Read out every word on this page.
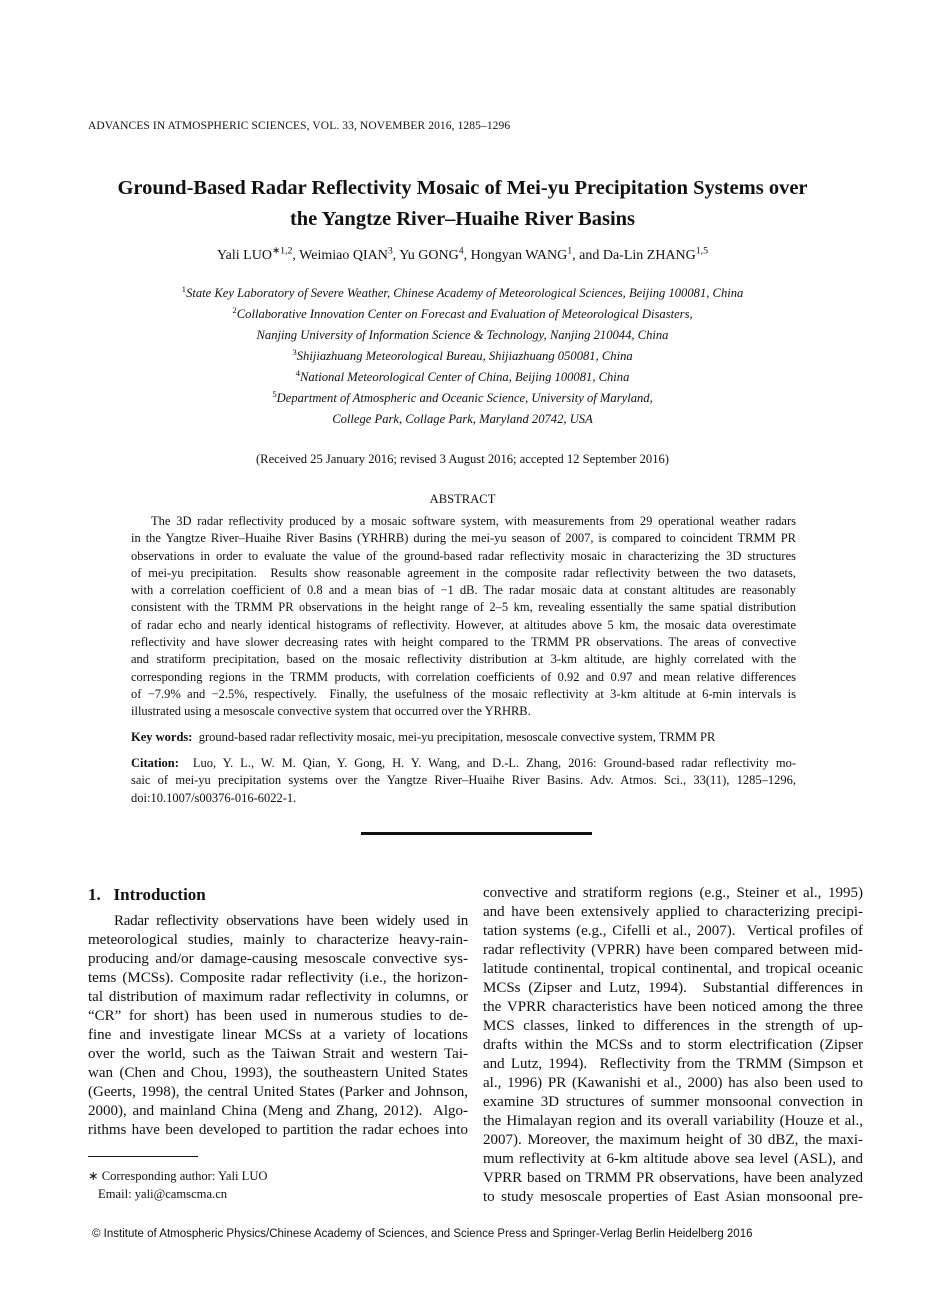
ADVANCES IN ATMOSPHERIC SCIENCES, VOL. 33, NOVEMBER 2016, 1285–1296
Ground-Based Radar Reflectivity Mosaic of Mei-yu Precipitation Systems over
the Yangtze River–Huaihe River Basins
Yali $LUO^{∗1,2}$, Weimiao QIAN$^3$, Yu GONG$^4$, Hongyan WANG$^1$, and Da-Lin ZHANG$^{1,5}$
$^1$State Key Laboratory of Severe Weather, Chinese Academy of Meteorological Sciences, Beijing 100081, China
$^2$Collaborative Innovation Center on Forecast and Evaluation of Meteorological Disasters,
Nanjing University of Information Science & Technology, Nanjing 210044, China
$^3$Shijiazhuang Meteorological Bureau, Shijiazhuang 050081, China
$^4$National Meteorological Center of China, Beijing 100081, China
$^5$Department of Atmospheric and Oceanic Science, University of Maryland,
College Park, Collage Park, Maryland 20742, USA
(Received 25 January 2016; revised 3 August 2016; accepted 12 September 2016)
ABSTRACT
The 3D radar reflectivity produced by a mosaic software system, with measurements from 29 operational weather radars
in the Yangtze River–Huaihe River Basins (YRHRB) during the mei-yu season of 2007, is compared to coincident TRMM PR
observations in order to evaluate the value of the ground-based radar reflectivity mosaic in characterizing the 3D structures
of mei-yu precipitation.  Results show reasonable agreement in the composite radar reflectivity between the two datasets,
with a correlation coefficient of 0.8 and a mean bias of −1 dB. The radar mosaic data at constant altitudes are reasonably
consistent with the TRMM PR observations in the height range of 2–5 km, revealing essentially the same spatial distribution
of radar echo and nearly identical histograms of reflectivity. However, at altitudes above 5 km, the mosaic data overestimate
reflectivity and have slower decreasing rates with height compared to the TRMM PR observations. The areas of convective
and stratiform precipitation, based on the mosaic reflectivity distribution at 3-km altitude, are highly correlated with the
corresponding regions in the TRMM products, with correlation coefficients of 0.92 and 0.97 and mean relative differences
of −7.9% and −2.5%, respectively.  Finally, the usefulness of the mosaic reflectivity at 3-km altitude at 6-min intervals is
illustrated using a mesoscale convective system that occurred over the YRHRB.
Key words: ground-based radar reflectivity mosaic, mei-yu precipitation, mesoscale convective system, TRMM PR
Citation: Luo, Y. L., W. M. Qian, Y. Gong, H. Y. Wang, and D.-L. Zhang, 2016: Ground-based radar reflectivity mo-
saic of mei-yu precipitation systems over the Yangtze River–Huaihe River Basins. Adv. Atmos. Sci., 33(11), 1285–1296,
doi:10.1007/s00376-016-6022-1.
1.   Introduction
Radar reflectivity observations have been widely used in
meteorological studies, mainly to characterize heavy-rain-
producing and/or damage-causing mesoscale convective sys-
tems (MCSs). Composite radar reflectivity (i.e., the horizon-
tal distribution of maximum radar reflectivity in columns, or
“CR” for short) has been used in numerous studies to de-
fine and investigate linear MCSs at a variety of locations
over the world, such as the Taiwan Strait and western Tai-
wan (Chen and Chou, 1993), the southeastern United States
(Geerts, 1998), the central United States (Parker and Johnson,
2000), and mainland China (Meng and Zhang, 2012).  Algo-
rithms have been developed to partition the radar echoes into
convective and stratiform regions (e.g., Steiner et al., 1995)
and have been extensively applied to characterizing precipi-
tation systems (e.g., Cifelli et al., 2007).  Vertical profiles of
radar reflectivity (VPRR) have been compared between mid-
latitude continental, tropical continental, and tropical oceanic
MCSs (Zipser and Lutz, 1994).  Substantial differences in
the VPRR characteristics have been noticed among the three
MCS classes, linked to differences in the strength of up-
drafts within the MCSs and to storm electrification (Zipser
and Lutz, 1994).  Reflectivity from the TRMM (Simpson et
al., 1996) PR (Kawanishi et al., 2000) has also been used to
examine 3D structures of summer monsoonal convection in
the Himalayan region and its overall variability (Houze et al.,
2007). Moreover, the maximum height of 30 dBZ, the maxi-
mum reflectivity at 6-km altitude above sea level (ASL), and
VPRR based on TRMM PR observations, have been analyzed
to study mesoscale properties of East Asian monsoonal pre-
∗ Corresponding author: Yali LUO
Email: yali@camscma.cn
© Institute of Atmospheric Physics/Chinese Academy of Sciences, and Science Press and Springer-Verlag Berlin Heidelberg 2016
